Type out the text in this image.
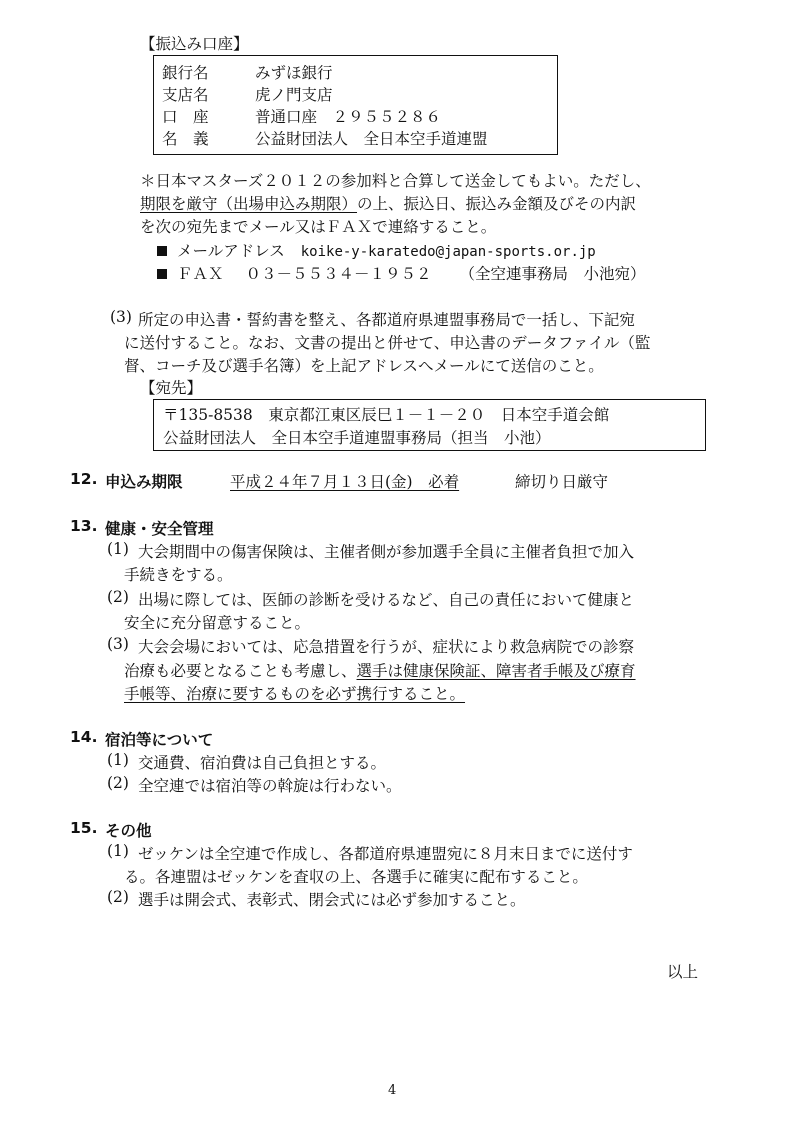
【振込み口座】
銀行名	みずほ銀行
支店名	虎ノ門支店
口　座	普通口座　２９５５２８６
名　義	公益財団法人　全日本空手道連盟
＊日本マスターズ２０１２の参加料と合算して送金してもよい。ただし、
期限を厳守（出場申込み期限）の上、振込日、振込み金額及びその内訳
を次の宛先までメール又はＦＡＸで連絡すること。
メールアドレス koike-y-karatedo@japan-sports.or.jp
ＦＡＸ ０３－５５３４－１９５２ （全空連事務局　小池宛）
(3) 所定の申込書・誓約書を整え、各都道府県連盟事務局で一括し、下記宛
に送付すること。なお、文書の提出と併せて、申込書のデータファイル（監
督、コーチ及び選手名簿）を上記アドレスへメールにて送信のこと。
【宛先】
〒135-8538　東京都江東区辰巳１－１－２０　日本空手道会館
公益財団法人　全日本空手道連盟事務局（担当　小池）
12. 申込み期限	平成２４年７月１３日(金)　必着	締切り日厳守
13. 健康・安全管理
(1) 大会期間中の傷害保険は、主催者側が参加選手全員に主催者負担で加入
手続きをする。
(2) 出場に際しては、医師の診断を受けるなど、自己の責任において健康と
安全に充分留意すること。
(3) 大会会場においては、応急措置を行うが、症状により救急病院での診察
治療も必要となることも考慮し、選手は健康保険証、障害者手帳及び療育
手帳等、治療に要するものを必ず携行すること。
14. 宿泊等について
(1) 交通費、宿泊費は自己負担とする。
(2) 全空連では宿泊等の斡旋は行わない。
15. その他
(1) ゼッケンは全空連で作成し、各都道府県連盟宛に８月末日までに送付す
る。各連盟はゼッケンを査収の上、各選手に確実に配布すること。
(2) 選手は開会式、表彰式、閉会式には必ず参加すること。
以上
4
